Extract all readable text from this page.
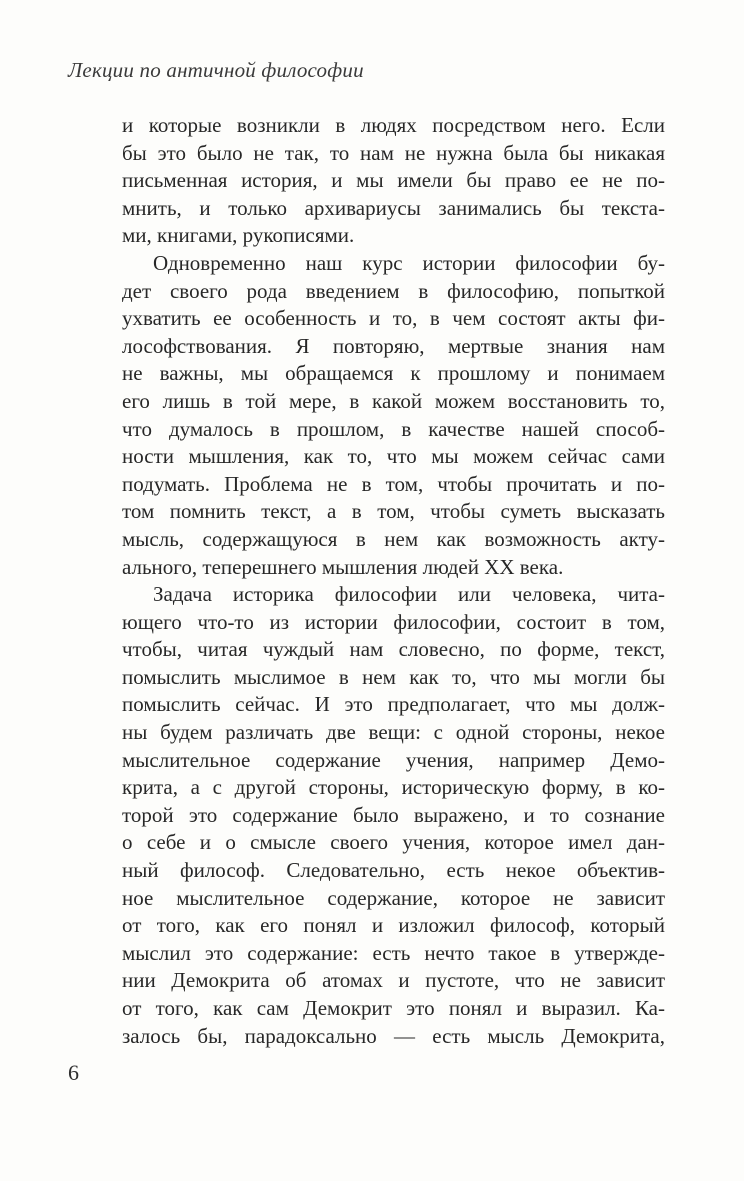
Лекции по античной философии
и которые возникли в людях посредством него. Если
бы это было не так, то нам не нужна была бы никакая
письменная история, и мы имели бы право ее не по-
мнить, и только архивариусы занимались бы текста-
ми, книгами, рукописями.
Одновременно наш курс истории философии бу-
дет своего рода введением в философию, попыткой
ухватить ее особенность и то, в чем состоят акты фи-
лософствования. Я повторяю, мертвые знания нам
не важны, мы обращаемся к прошлому и понимаем
его лишь в той мере, в какой можем восстановить то,
что думалось в прошлом, в качестве нашей способ-
ности мышления, как то, что мы можем сейчас сами
подумать. Проблема не в том, чтобы прочитать и по-
том помнить текст, а в том, чтобы суметь высказать
мысль, содержащуюся в нем как возможность акту-
ального, теперешнего мышления людей XX века.
Задача историка философии или человека, чита-
ющего что-то из истории философии, состоит в том,
чтобы, читая чуждый нам словесно, по форме, текст,
помыслить мыслимое в нем как то, что мы могли бы
помыслить сейчас. И это предполагает, что мы долж-
ны будем различать две вещи: с одной стороны, некое
мыслительное содержание учения, например Демо-
крита, а с другой стороны, историческую форму, в ко-
торой это содержание было выражено, и то сознание
о себе и о смысле своего учения, которое имел дан-
ный философ. Следовательно, есть некое объектив-
ное мыслительное содержание, которое не зависит
от того, как его понял и изложил философ, который
мыслил это содержание: есть нечто такое в утвержде-
нии Демокрита об атомах и пустоте, что не зависит
от того, как сам Демокрит это понял и выразил. Ка-
залось бы, парадоксально — есть мысль Демокрита,
6
